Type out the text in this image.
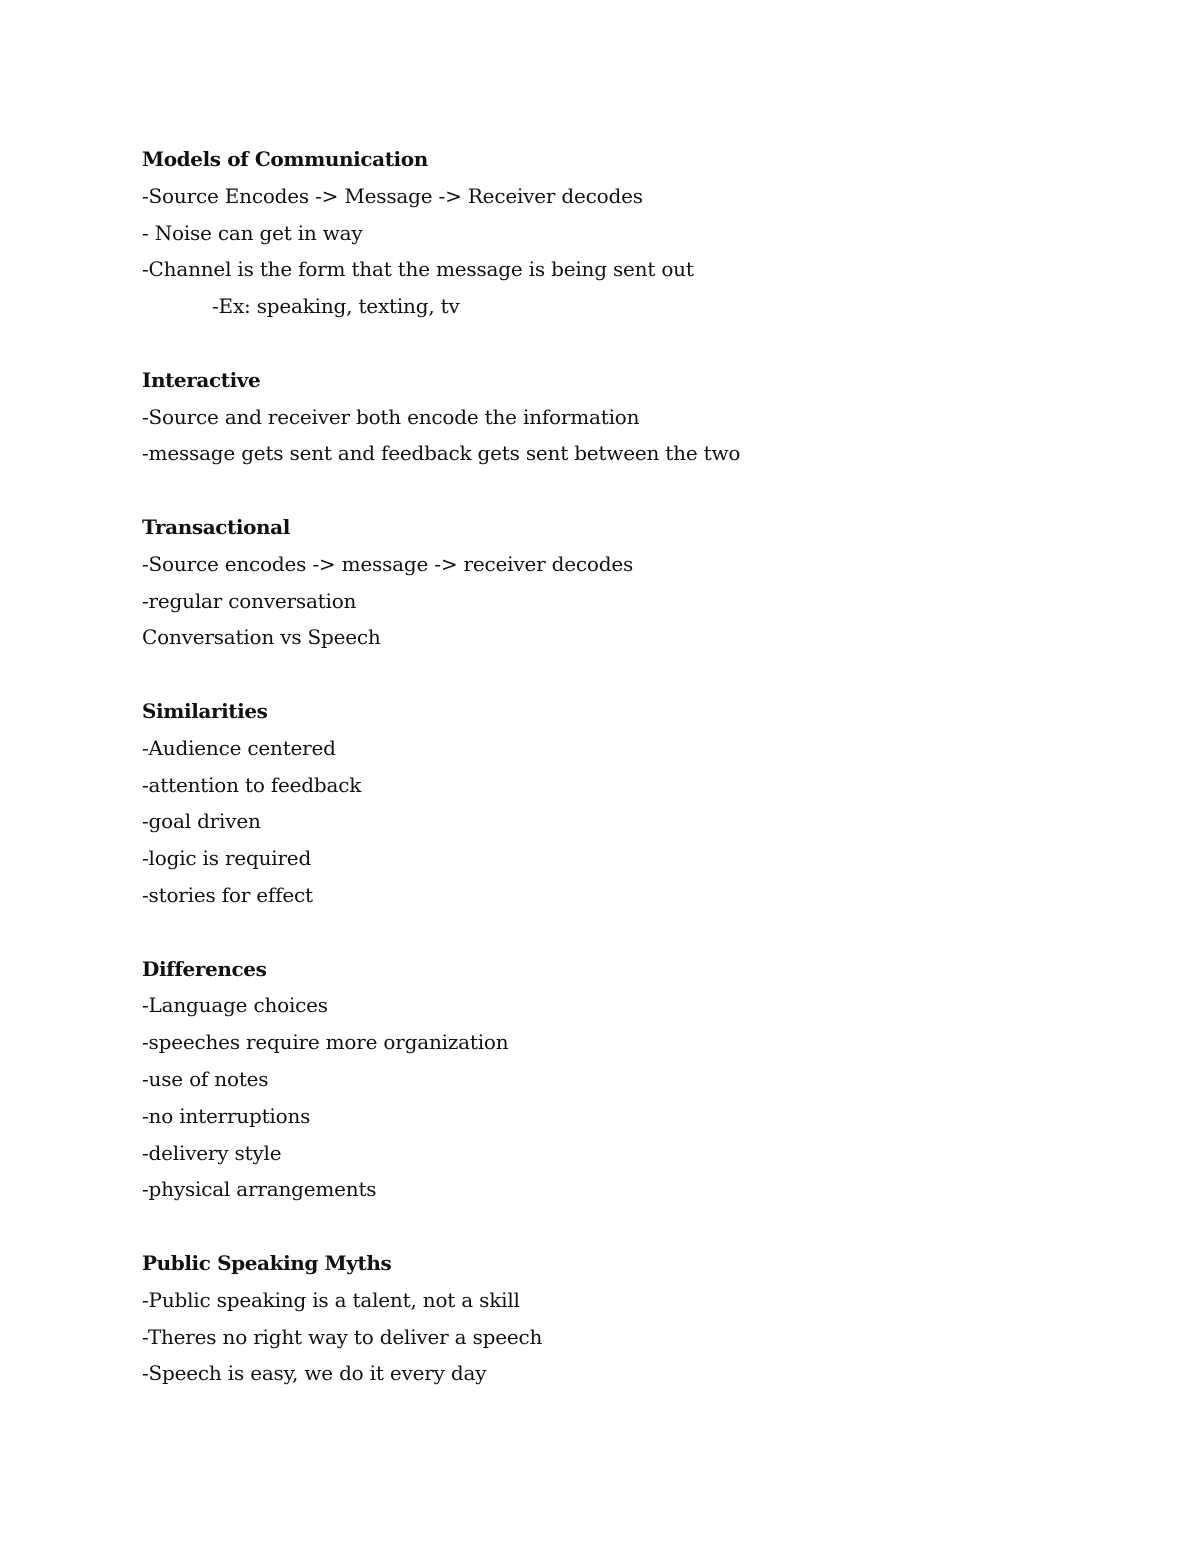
Models of Communication
-Source Encodes -> Message -> Receiver decodes
- Noise can get in way
-Channel is the form that the message is being sent out
-Ex: speaking, texting, tv
Interactive
-Source and receiver both encode the information
-message gets sent and feedback gets sent between the two
Transactional
-Source encodes -> message -> receiver decodes
-regular conversation
Conversation vs Speech
Similarities
-Audience centered
-attention to feedback
-goal driven
-logic is required
-stories for effect
Differences
-Language choices
-speeches require more organization
-use of notes
-no interruptions
-delivery style
-physical arrangements
Public Speaking Myths
-Public speaking is a talent, not a skill
-Theres no right way to deliver a speech
-Speech is easy, we do it every day
